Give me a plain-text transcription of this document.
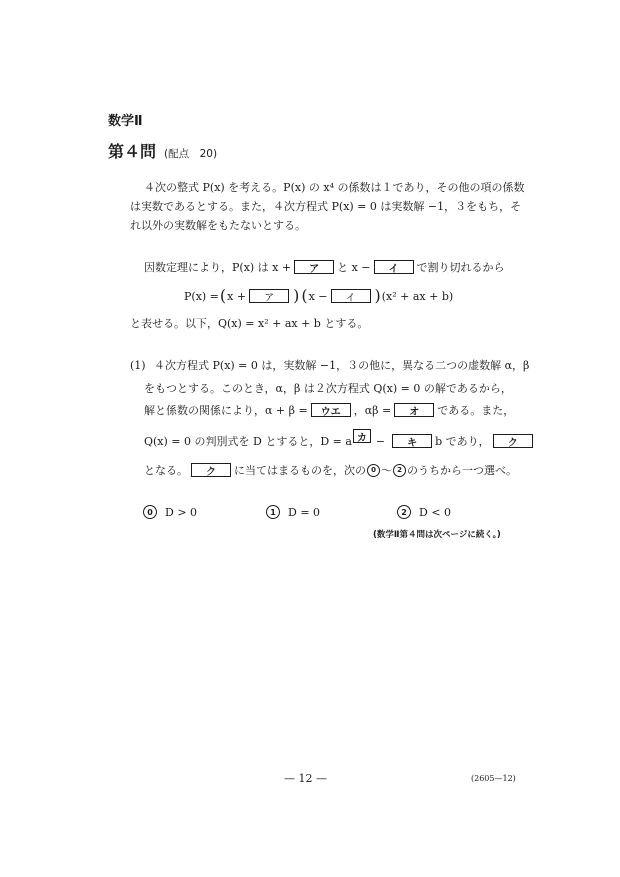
数学Ⅱ
第４問 (配点　20)
４次の整式 P(x) を考える。P(x) の x⁴ の係数は１であり，その他の項の係数
は実数であるとする。また，４次方程式 P(x) = 0 は実数解 −1，３をもち，そ
れ以外の実数解をもたないとする。
因数定理により，P(x) は x +	ア	と x −	イ	で割り切れるから
P(x) = ( x +	ア	) ( x −	イ	) (x² + ax + b)
と表せる。以下，Q(x) = x² + ax + b とする。
(1) ４次方程式 P(x) = 0 は，実数解 −1，３の他に，異なる二つの虚数解 α，β
をもつとする。このとき，α，β は２次方程式 Q(x) = 0 の解であるから，
解と係数の関係により，α + β =	ウエ	，αβ =	オ	である。また，
Q(x) = 0 の判別式を D とすると，D = a カ −	キ	b であり，	ク
となる。	ク	に当てはまるものを，次の 0 〜 2 のうちから一つ選べ。
0	D > 0	1	D = 0	2	D < 0
(数学Ⅱ第４問は次ページに続く。)
— 12 —	(2605—12)
